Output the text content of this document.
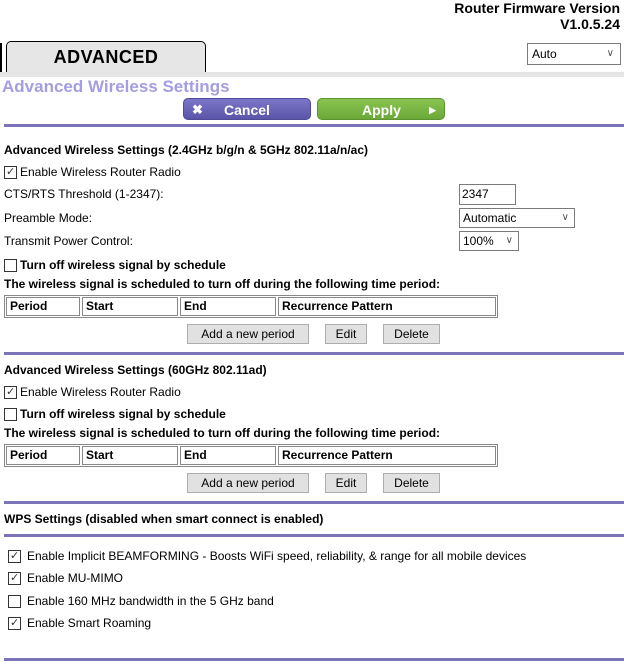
Router Firmware Version
V1.0.5.24
ADVANCED	Auto	∨
Advanced Wireless Settings
✖ Cancel	Apply	▶
Advanced Wireless Settings (2.4GHz b/g/n & 5GHz 802.11a/n/ac)
✓
Enable Wireless Router Radio
CTS/RTS Threshold (1-2347):	2347
Preamble Mode:	Automatic	∨
Transmit Power Control:	100% ∨
Turn off wireless signal by schedule
The wireless signal is scheduled to turn off during the following time period:
Period	Start	End	Recurrence Pattern
Add a new period	Edit	Delete
Advanced Wireless Settings (60GHz 802.11ad)
✓
Enable Wireless Router Radio
Turn off wireless signal by schedule
The wireless signal is scheduled to turn off during the following time period:
Period	Start	End	Recurrence Pattern
Add a new period	Edit	Delete
WPS Settings (disabled when smart connect is enabled)
✓
Enable Implicit BEAMFORMING - Boosts WiFi speed, reliability, & range for all mobile devices
✓
Enable MU-MIMO
Enable 160 MHz bandwidth in the 5 GHz band
✓
Enable Smart Roaming
